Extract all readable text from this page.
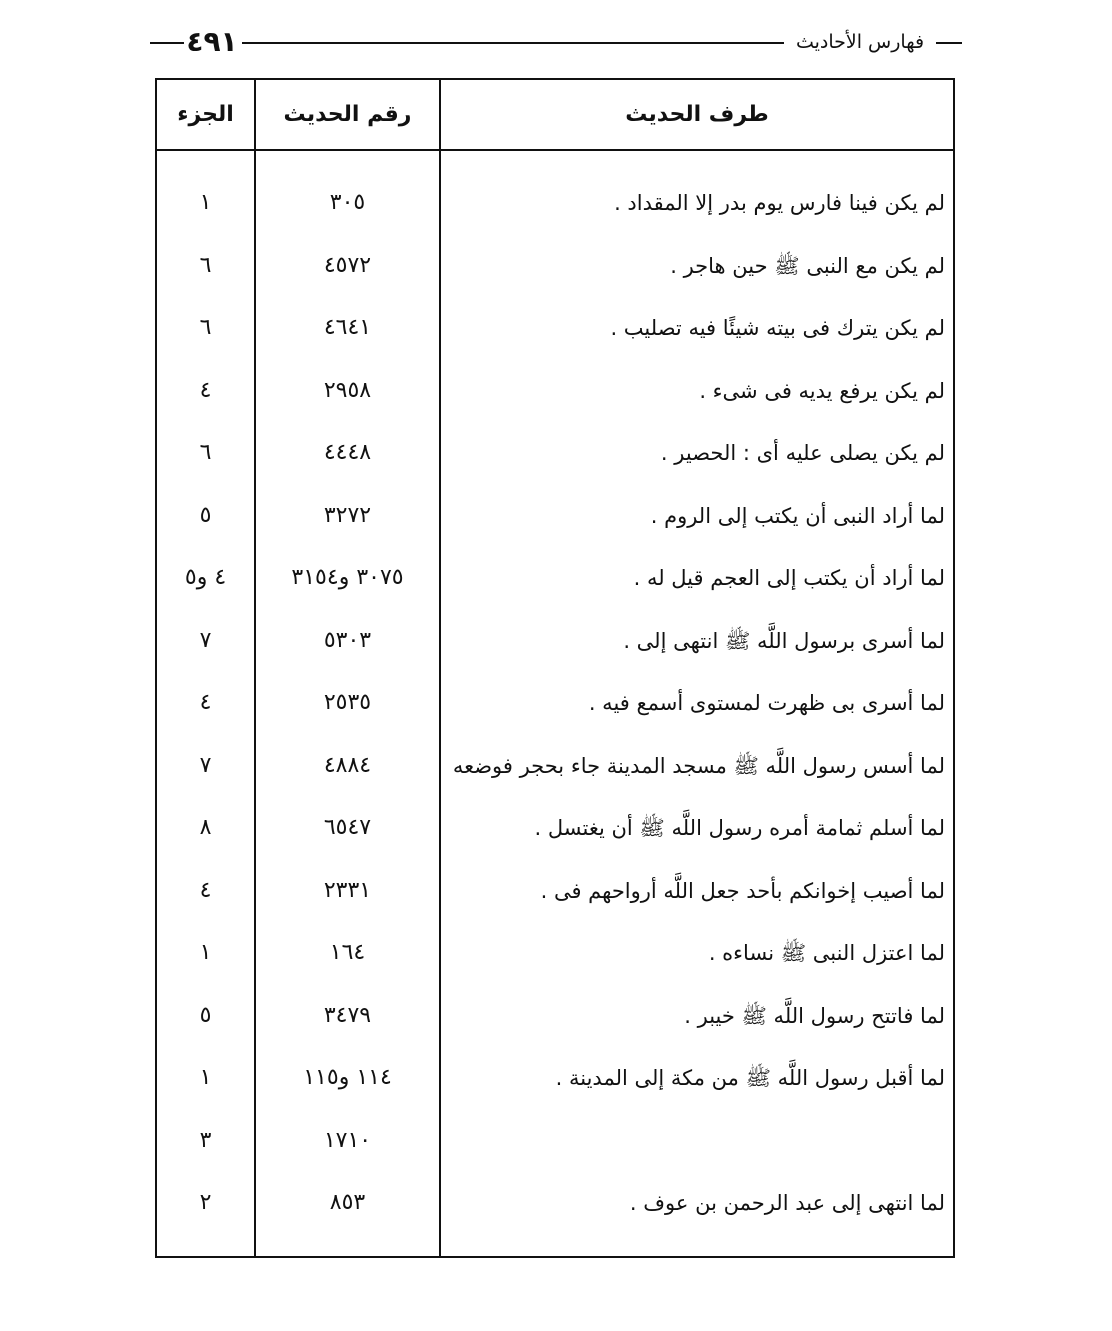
فهارس الأحاديث
٤٩١
طرف الحديث
رقم الحديث
الجزء
لم يكن فينا فارس يوم بدر إلا المقداد .
٣٠٥
١
لم يكن مع النبى ﷺ حين هاجر .
٤٥٧٢
٦
لم يكن يترك فى بيته شيئًا فيه تصليب .
٤٦٤١
٦
لم يكن يرفع يديه فى شىء .
٢٩٥٨
٤
لم يكن يصلى عليه أى : الحصير .
٤٤٤٨
٦
لما أراد النبى أن يكتب إلى الروم .
٣٢٧٢
٥
لما أراد أن يكتب إلى العجم قيل له .
٣٠٧٥ و٣١٥٤
٤ و٥
لما أسرى برسول اللَّه ﷺ انتهى إلى .
٥٣٠٣
٧
لما أسرى بى ظهرت لمستوى أسمع فيه .
٢٥٣٥
٤
لما أسس رسول اللَّه ﷺ مسجد المدينة جاء بحجر فوضعه
٤٨٨٤
٧
لما أسلم ثمامة أمره رسول اللَّه ﷺ أن يغتسل .
٦٥٤٧
٨
لما أصيب إخوانكم بأحد جعل اللَّه أرواحهم فى .
٢٣٣١
٤
لما اعتزل النبى ﷺ نساءه .
١٦٤
١
لما فاتتح رسول اللَّه ﷺ خيبر .
٣٤٧٩
٥
لما أقبل رسول اللَّه ﷺ من مكة إلى المدينة .
١١٤ و١١٥
١
١٧١٠
٣
لما انتهى إلى عبد الرحمن بن عوف .
٨٥٣
٢
